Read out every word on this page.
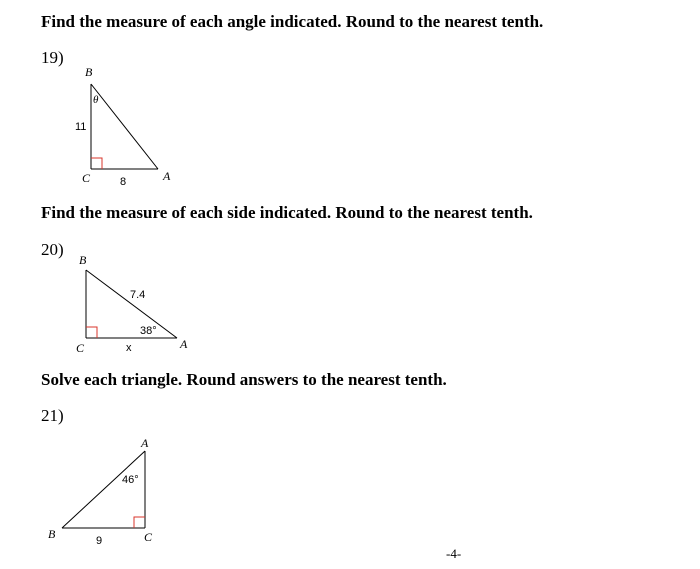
Find the measure of each angle indicated. Round to the nearest tenth.
19)
B
C	A
11
8
θ
Find the measure of each side indicated. Round to the nearest tenth.
20)
B
C	A
7.4
38°
x
Solve each triangle. Round answers to the nearest tenth.
21)
A
C
B
46°
9
-4-
